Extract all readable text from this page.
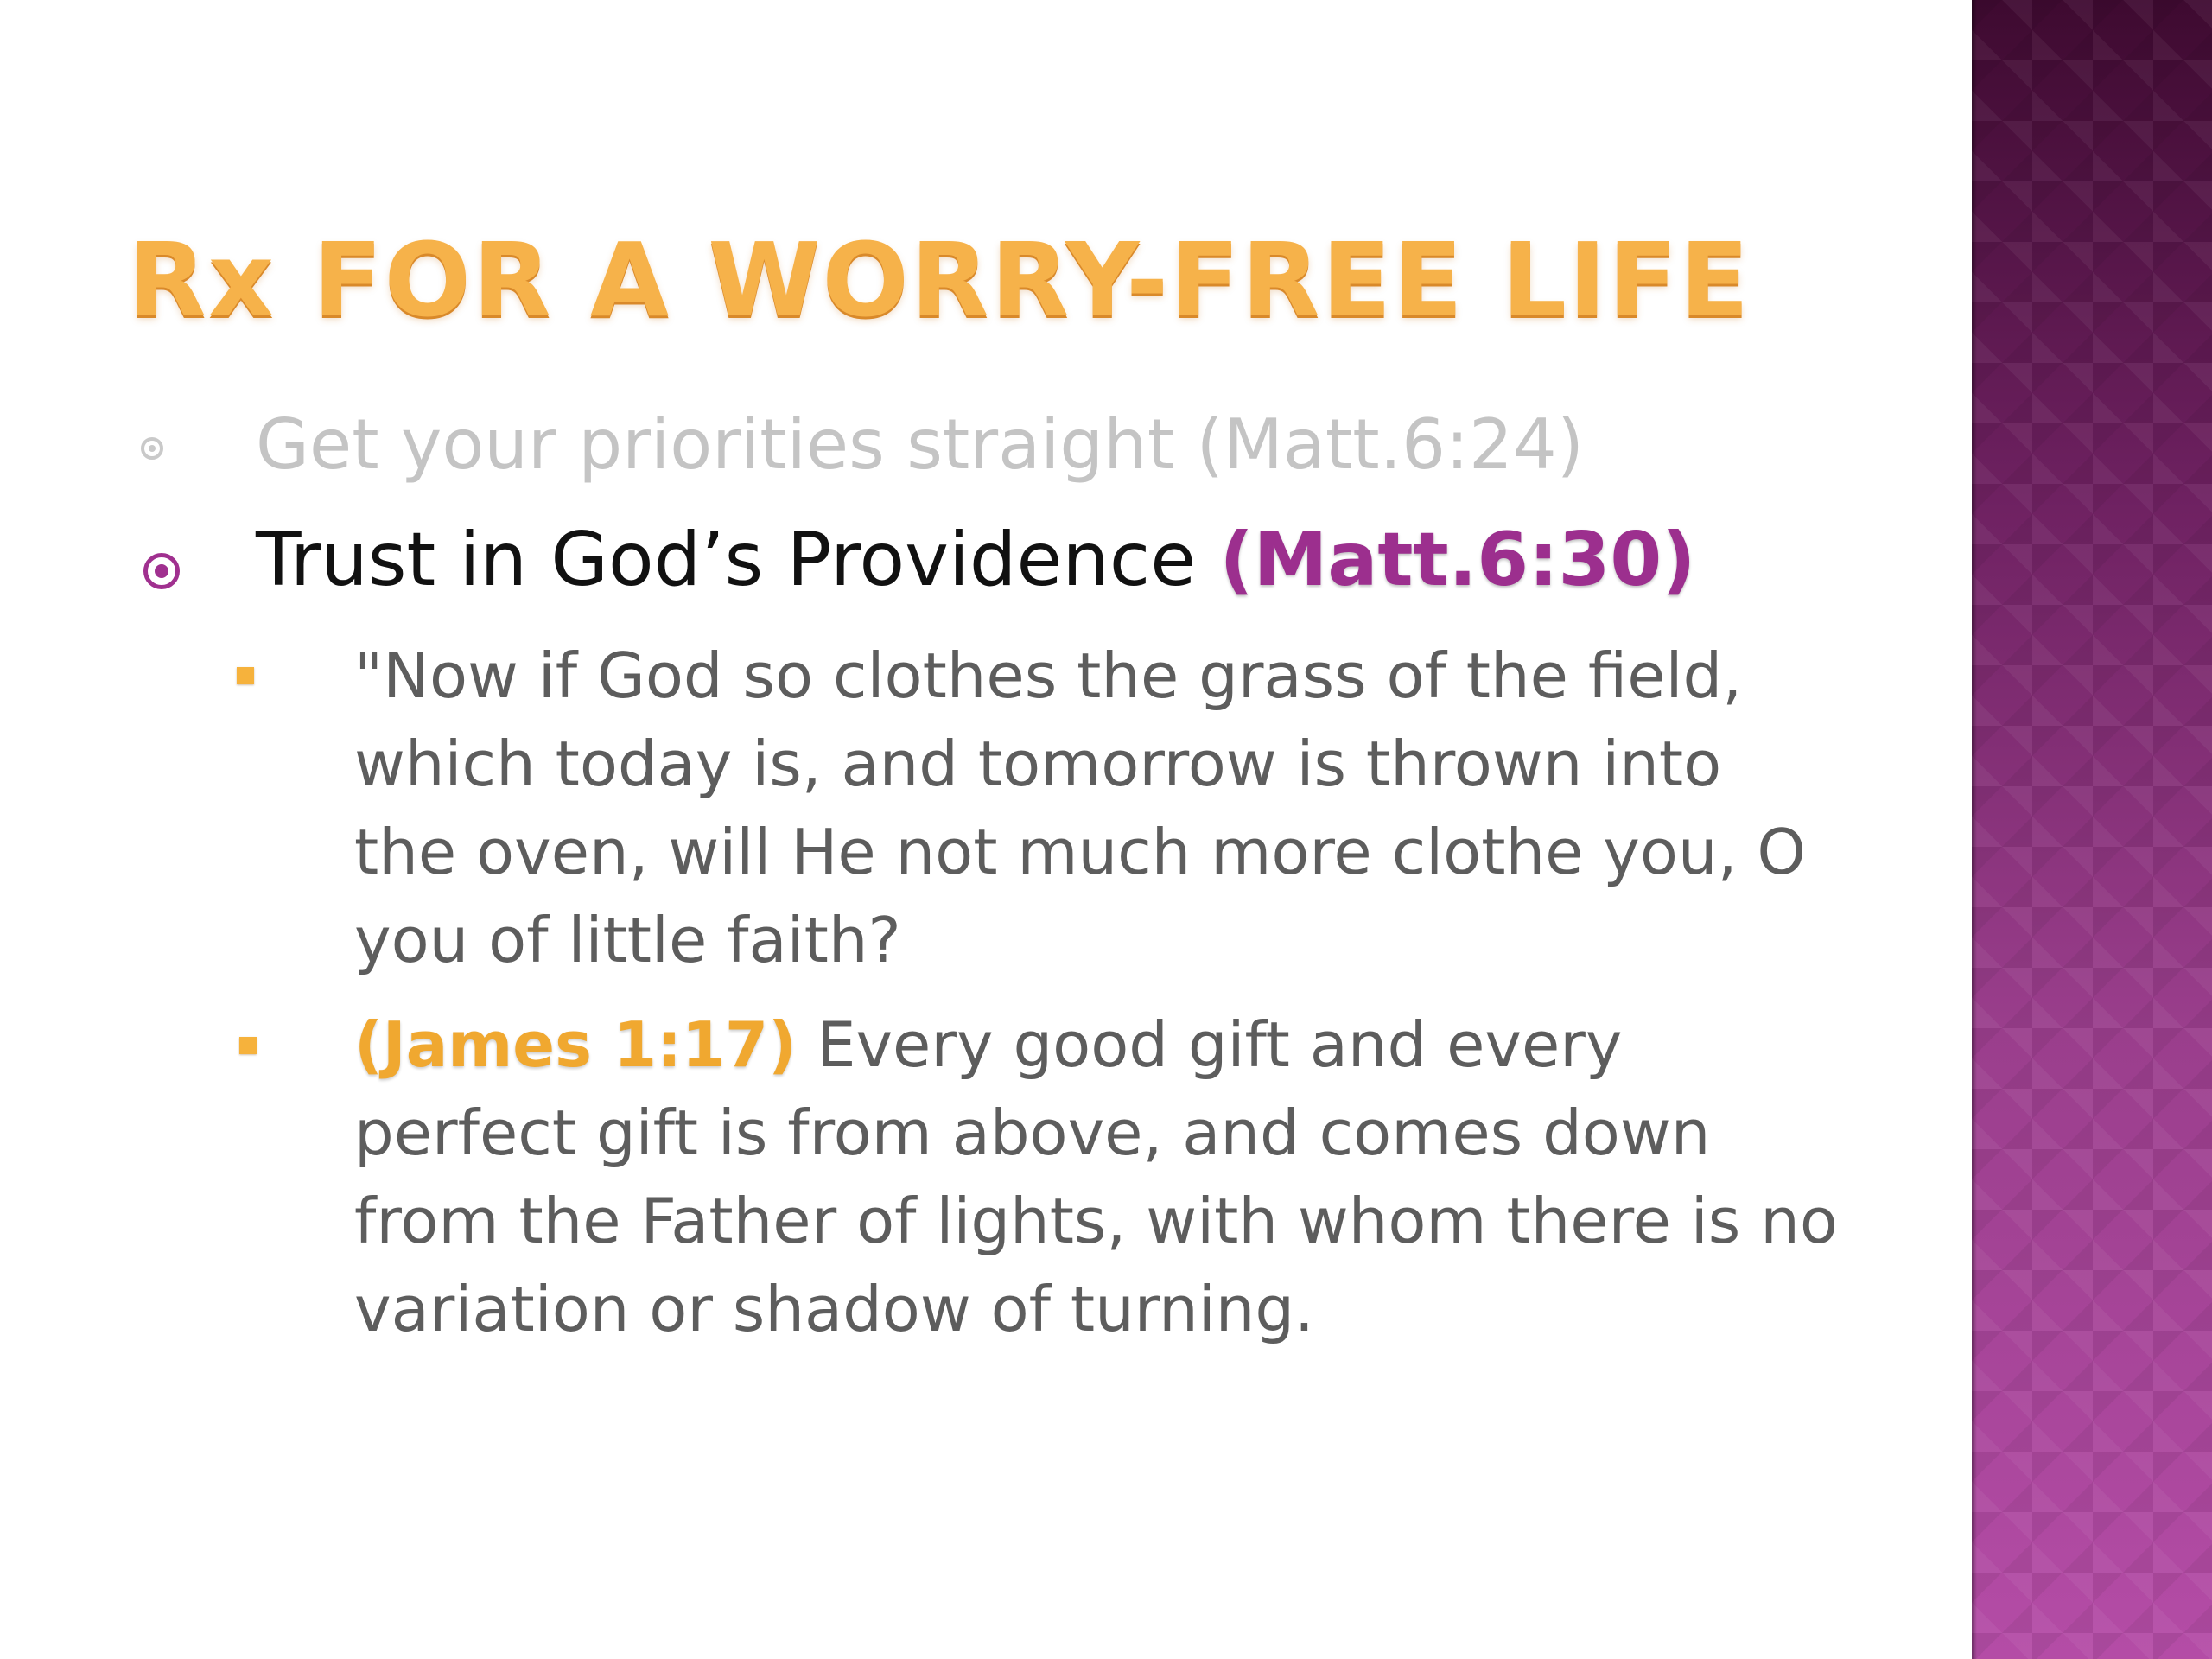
Rx FOR A WORRY-FREE LIFE
Get your priorities straight (Matt.6:24)
Trust in God’s Providence (Matt.6:30)
"Now if God so clothes the grass of the field, which today is, and tomorrow is thrown into the oven, will He not much more clothe you, O you of little faith?
(James 1:17) Every good gift and every perfect gift is from above, and comes down from the Father of lights, with whom there is no variation or shadow of turning.
